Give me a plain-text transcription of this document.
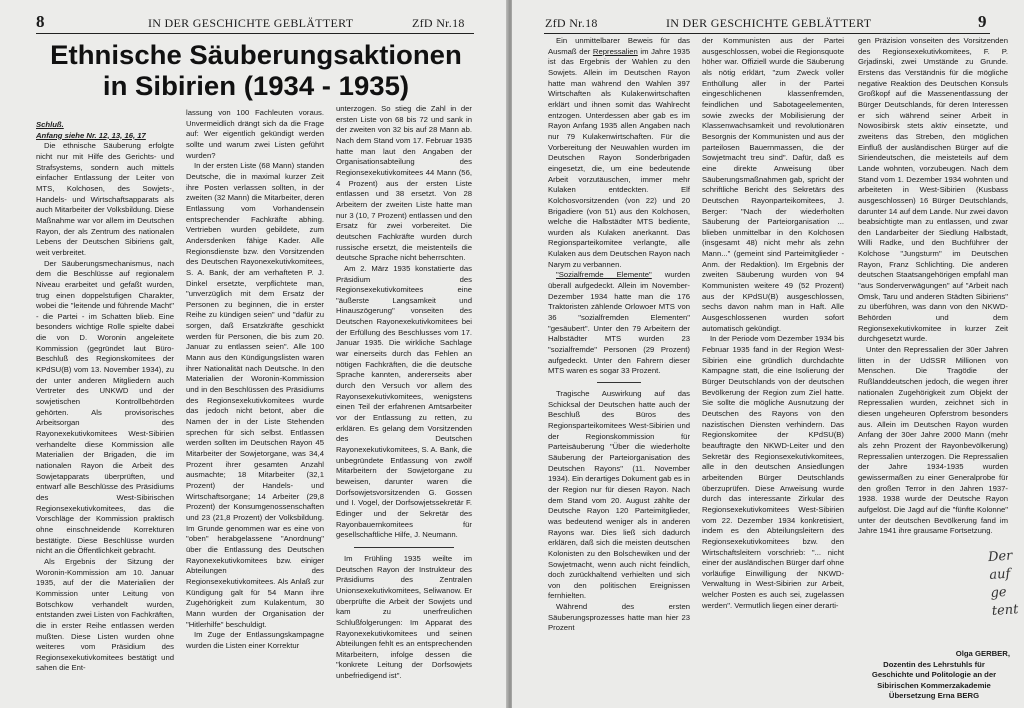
8	IN DER GESCHICHTE GEBLÄTTERT	ZfD Nr.18
Ethnische Säuberungsaktionen
in Sibirien (1934 - 1935)

Schluß.

Anfang siehe Nr. 12, 13, 16, 17

Die ethnische Säuberung erfolgte nicht nur mit Hilfe des Gerichts- und Strafsystems, sondern auch mittels einfacher Entlassung der Leiter von MTS, Kolchosen, des Sowjets-, Handels- und Wirtschaftsapparats als auch Mitarbeiter der Volksbildung. Diese Maßnahme war vor allem im Deutschen Rayon, der als Zentrum des nationalen Lebens der Deutschen Sibiriens galt, weit verbreitet.

Der Säuberungsmechanismus, nach dem die Beschlüsse auf regionalem Niveau erarbeitet und gefaßt wurden, trug einen doppelstufigen Charakter, wobei die "leitende und führende Macht" - die Partei - im Schatten blieb. Eine besonders wichtige Rolle spielte dabei die von D. Woronin angeleitete Kommission (gegründet laut Büro-Beschluß des Regionskomitees der KPdSU(B) vom 13. November 1934), zu der unter anderen Mitgliedern auch Vertreter des UNKWD und der sowjetischen Kontrollbehörden gehörten. Als provisorisches Arbeitsorgan des Rayonexekutivkomitees West-Sibirien verhandelte diese Kommission alle Materialien der Brigaden, die im nationalen Rayon die Arbeit des Sowjetapparats überprüften, und entwarf alle Beschlüsse des Präsidiums des West-Sibirischen Regionsexekutivkomitees, das die Vorschläge der Kommission praktisch ohne einschneidende Korrekturen bestätigte. Diese Beschlüsse wurden nicht an die Öffentlichkeit gebracht.

Als Ergebnis der Sitzung der Woronin-Kommission am 10. Januar 1935, auf der die Materialien der Kommission unter Leitung von Botschkow verhandelt wurden, entstanden zwei Listen von Fachkräften, die in erster Reihe entlassen werden mußten. Diese Listen wurden ohne weiteres vom Präsidium des Regionsexekutivkomitees bestätigt und sahen die Ent-

lassung von 100 Fachleuten voraus. Unvermeidlich drängt sich da die Frage auf: Wer eigentlich gekündigt werden sollte und warum zwei Listen geführt wurden?

In der ersten Liste (68 Mann) standen Deutsche, die in maximal kurzer Zeit ihre Posten verlassen sollten, in der zweiten (32 Mann) die Mitarbeiter, deren Entlassung vom Vorhandensein entsprechender Fachkräfte abhing. Vertrieben wurden gebildete, zum Andersdenken fähige Kader. Alle Regionsdienste bzw. den Vorsitzenden des Deutschen Rayonexekutivkomitees, S. A. Bank, der am verhafteten P. J. Dinkel ersetzte, verpflichtete man, "unverzüglich mit dem Ersatz der Personen zu beginnen, die in erster Reihe zu kündigen seien" und "dafür zu sorgen, daß Ersatzkräfte geschickt werden für Personen, die bis zum 20. Januar zu entlassen seien". Alle 100 Mann aus den Kündigungslisten waren ihrer Nationalität nach Deutsche. In den Materialien der Woronin-Kommission und in den Beschlüssen des Präsidiums des Regionsexekutivkomitees wurde das jedoch nicht betont, aber die Namen der in der Liste Stehenden sprechen für sich selbst. Entlassen werden sollten im Deutschen Rayon 45 Mitarbeiter der Sowjetorgane, was 34,4 Prozent ihrer gesamten Anzahl ausmachte; 18 Mitarbeiter (32,1 Prozent) der Handels- und Wirtschaftsorgane; 14 Arbeiter (29,8 Prozent) der Konsumgenossenschaften und 23 (21,8 Prozent) der Volksbildung. Im Grunde genommen war es eine von "oben" herabgelassene "Anordnung" über die Entlassung des Deutschen Rayonexekutivkomitees bzw. einiger Abteilungen des Regionsexekutivkomitees. Als Anlaß zur Kündigung galt für 54 Mann ihre Zugehörigkeit zum Kulakentum, 30 Mann wurden der Organisation der "Hitlerhilfe" beschuldigt.

Im Zuge der Entlassungskampagne wurden die Listen einer Korrektur

unterzogen. So stieg die Zahl in der ersten Liste von 68 bis 72 und sank in der zweiten von 32 bis auf 28 Mann ab. Nach dem Stand vom 17. Februar 1935 hatte man laut den Angaben der Organisationsabteilung des Regionsexekutivkomitees 44 Mann (56, 4 Prozent) aus der ersten Liste entlassen und 38 ersetzt. Von 28 Arbeitern der zweiten Liste hatte man nur 3 (10, 7 Prozent) entlassen und den Ersatz für zwei vorbereitet. Die deutschen Fachkräfte wurden durch russische ersetzt, die meistenteils die deutsche Sprache nicht beherrschten.

Am 2. März 1935 konstatierte das Präsidium des Regionsexekutivkomitees eine "äußerste Langsamkeit und Hinauszögerung" vonseiten des Deutschen Rayonexekutivkomitees bei der Erfüllung des Beschlusses vom 17. Januar 1935. Die wirkliche Sachlage war einerseits durch das Fehlen an nötigen Fachkräften, die die deutsche Sprache kannten, andererseits aber durch den Versuch vor allem des Rayonsexekutivkomitees, wenigstens einen Teil der erfahrenen Amtsarbeiter vor der Entlassung zu retten, zu erklären. Es gelang dem Vorsitzenden des Deutschen Rayonexekutivkomitees, S. A. Bank, die unbegründete Entlassung von zwölf Mitarbeitern der Sowjetorgane zu beweisen, darunter waren die Dorfsowjetsvorsitzenden G. Gossen und I. Vogel, der Dorfsowjetssekretär F. Edinger und der Sekretär des Rayonbauernkomitees für gesellschaftliche Hilfe, J. Neumann.

Im Frühling 1935 weilte im Deutschen Rayon der Instrukteur des Präsidiums des Zentralen Unionsexekutivkomitees, Seliwanow. Er überprüfte die Arbeit der Sowjets und kam zu unerfreulichen Schlußfolgerungen: Im Apparat des Rayonexekutivkomitees und seinen Abteilungen fehlt es an entsprechenden Mitarbeitern, infolge dessen die "konkrete Leitung der Dorfsowjets unbefriedigend ist".

ZfD Nr.18	IN DER GESCHICHTE GEBLÄTTERT	9

Ein unmittelbarer Beweis für das Ausmaß der Repressalien im Jahre 1935 ist das Ergebnis der Wahlen zu den Sowjets. Allein im Deutschen Rayon hatte man während den Wahlen 397 Wirtschaften als Kulakenwirtschaften erklärt und ihnen somit das Wahlrecht entzogen. Unterdessen aber gab es im Rayon Anfang 1935 allen Angaben nach nur 79 Kulakenwirtschaften. Für die Vorbereitung der Neuwahlen wurden im Deutschen Rayon Sonderbrigaden eingesetzt, die, um eine bedeutende Arbeit vorzutäuschen, immer mehr Kulaken entdeckten. Elf Kolchosvorsitzenden (von 22) und 20 Brigadiere (von 51) aus den Kolchosen, welche die Halbstädter MTS bediente, wurden als Kulaken anerkannt. Das Regionsparteikomitee verlangte, alle Kulaken aus dem Deutschen Rayon nach Narym zu verbannen.

"Sozialfremde Elemente" wurden überall aufgedeckt. Allein im November-Dezember 1934 hatte man die 176 Traktoristen zählende Orlowoer MTS von 36 "sozialfremden Elementen" "gesäubert". Unter den 79 Arbeitern der Halbstädter MTS wurden 23 "sozialfremde" Personen (29 Prozent) aufgedeckt. Unter den Fahrern dieser MTS waren es sogar 33 Prozent.

Tragische Auswirkung auf das Schicksal der Deutschen hatte auch der Beschluß des Büros des Regionsparteikomitees West-Sibirien und der Regionskommission für Parteisäuberung "Über die wiederholte Säuberung der Parteiorganisation des Deutschen Rayons" (11. November 1934). Ein derartiges Dokument gab es in der Region nur für diesen Rayon. Nach dem Stand vom 20. August zählte der Deutsche Rayon 120 Parteimitglieder, was bedeutend weniger als in anderen Rayons war. Dies ließ sich dadurch erklären, daß sich die meisten deutschen Kolonisten zu den Bolschewiken und der Sowjetmacht, wenn auch nicht feindlich, doch zurückhaltend verhielten und sich von den politischen Ereignissen fernhielten.

Während des ersten Säuberungsprozesses hatte man hier 23 Prozent

der Kommunisten aus der Partei ausgeschlossen, wobei die Regionsquote höher war. Offiziell wurde die Säuberung als nötig erklärt, "zum Zweck voller Enthüllung aller in der Partei eingeschlichenen klassenfremden, feindlichen und Sabotageelementen, sowie zwecks der Mobilisierung der Klassenwachsamkeit und revolutionären Besorgnis der Kommunisten und aus der parteilosen Bauernmassen, die der Sowjetmacht treu sind". Dafür, daß es eine direkte Anweisung über Säuberungsmaßnahmen gab, spricht der schriftliche Bericht des Sekretärs des Deutschen Rayonparteikomitees, J. Berger: "Nach der wiederholten Säuberung der Parteiorganisation ... blieben unmittelbar in den Kolchosen (insgesamt 48) nicht mehr als zehn Mann..." (gemeint sind Parteimitglieder - Anm. der Redaktion). Im Ergebnis der zweiten Säuberung wurden von 94 Kommunisten weitere 49 (52 Prozent) aus der KPdSU(B) ausgeschlossen, sechs davon nahm man in Haft. Alle Ausgeschlossenen wurden sofort automatisch gekündigt.

In der Periode vom Dezember 1934 bis Februar 1935 fand in der Region West-Sibirien eine gründlich durchdachte Kampagne statt, die eine Isolierung der Bürger Deutschlands von der deutschen Bevölkerung der Region zum Ziel hatte. Sie sollte die mögliche Ausnutzung der Deutschen des Rayons von den nazistischen Diensten verhindern. Das Regionskomitee der KPdSU(B) beauftragte den NKWD-Leiter und den Sekretär des Regionsexekutivkomitees, alle in den deutschen Ansiedlungen arbeitenden Bürger Deutschlands überzuprüfen. Diese Anweisung wurde durch das interessante Zirkular des Regionsexekutivkomitees West-Sibirien vom 22. Dezember 1934 konkretisiert, indem es den Abteilungsleitern des Regionsexekutivkomitees bzw. den Wirtschaftsleitern vorschrieb: "... nicht einer der ausländischen Bürger darf ohne vorläufige Einwilligung der NKWD-Verwaltung in West-Sibirien zur Arbeit, welcher Posten es auch sei, zugelassen werden". Vermutlich liegen einer derarti-

gen Präzision vonseiten des Vorsitzenden des Regionsexekutivkomitees, F. P. Grjadinski, zwei Umstände zu Grunde. Erstens das Verständnis für die mögliche negative Reaktion des Deutschen Konsuls Großkopf auf die Massenentlassung der Bürger Deutschlands, für deren Interessen er sich während seiner Arbeit in Nowosibirsk stets aktiv einsetzte, und zweitens das Streben, den möglichen Einfluß der ausländischen Bürger auf die Siriendeutschen, die meisteteils auf dem Lande wohnten, vorzubeugen. Nach dem Stand vom 1. Dezember 1934 wohnten und arbeiteten in West-Sibirien (Kusbass ausgeschlossen) 16 Bürger Deutschlands, darunter 14 auf dem Lande. Nur zwei davon beabsichtigte man zu entlassen, und zwar den Landarbeiter der Siedlung Halbstadt, Willi Radke, und den Buchführer der Kolchose "Jungsturm" im Deutschen Rayon, Franz Schlichting. Die anderen deutschen Staatsangehörigen empfahl man "aus Sonderverwägungen" auf "Arbeit nach Omsk, Taru und anderen Städten Sibiriens" zu überführen, was dann von den NKWD-Behörden und dem Regionsexekutivkomitee in kurzer Zeit durchgesetzt wurde.

Unter den Repressalien der 30er Jahren litten in der UdSSR Millionen von Menschen. Die Tragödie der Rußlanddeutschen jedoch, die wegen ihrer nationalen Zugehörigkeit zum Objekt der Repressalien wurden, zeichnet sich in diesen ungeheuren Opferstrom besonders aus. Allein im Deutschen Rayon wurden Anfang der 30er Jahre 2000 Mann (mehr als zehn Prozent der Rayonbevölkerung) Repressalien unterzogen. Die Repressalien der Jahre 1934-1935 wurden gewissermaßen zu einer Generalprobe für den großen Terror in den Jahren 1937-1938. 1938 wurde der Deutsche Rayon aufgelöst. Die Jagd auf die "fünfte Kolonne" unter der deutschen Bevölkerung fand im Jahre 1941 ihre grausame Fortsetzung.

Olga GERBER,
Dozentin des Lehrstuhls für
Geschichte und Politologie an der
Sibirischen Kommerzakademie
Übersetzung Erna BERG
Der auf ge tent
